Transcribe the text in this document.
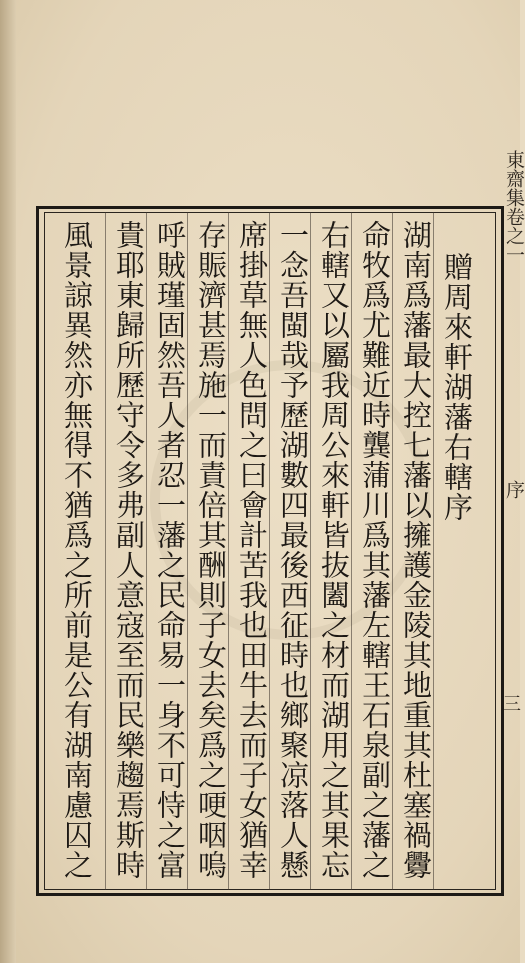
東齋集卷之一
序
三
贈周來軒湖藩右轄序
湖南爲藩最大控七藩以擁護金陵其地重其杜塞禍釁
命牧爲尤難近時龔蒲川爲其藩左轄王石泉副之藩之
右轄又以屬我周公來軒皆抜闔之材而湖用之其果忘
一念吾閩哉予歷湖數四最後西征時也鄉聚凉落人懸
席掛草無人色問之曰會計苦我也田牛去而子女猶幸
存賑濟甚焉施一而責倍其酬則子女去矣爲之哽咽嗚
呼賊瑾固然吾人者忍一藩之民命易一身不可恃之富
貴耶東歸所歷守令多弗副人意寇至而民樂趨焉斯時
風景諒異然亦無得不猶爲之所前是公有湖南慮囚之
